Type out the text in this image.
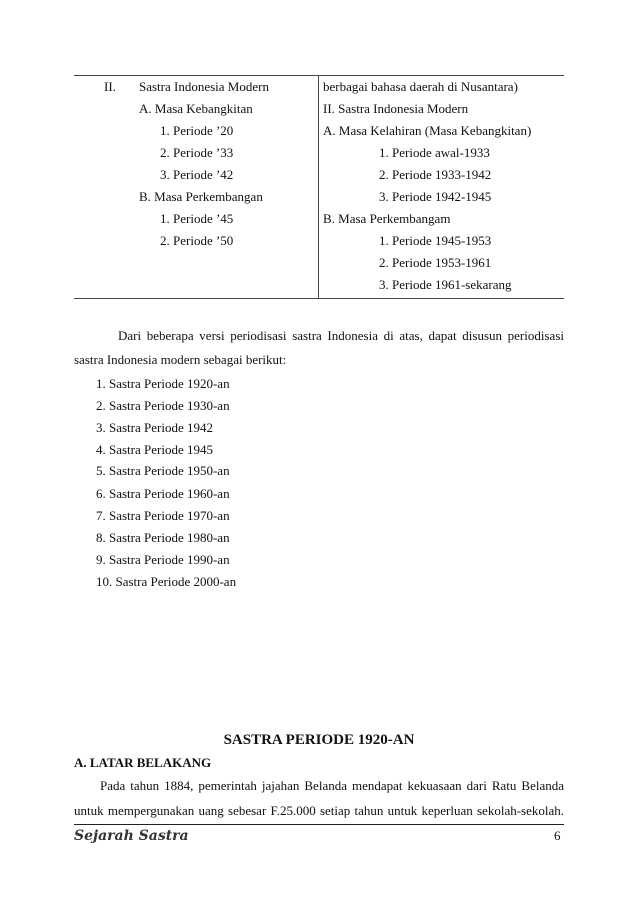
II. Sastra Indonesia Modern
A. Masa Kebangkitan
1. Periode ’20
2. Periode ’33
3. Periode ’42
B. Masa Perkembangan
1. Periode ’45
2. Periode ’50
berbagai bahasa daerah di Nusantara)
II. Sastra Indonesia Modern
A. Masa Kelahiran (Masa Kebangkitan)
1. Periode awal-1933
2. Periode 1933-1942
3. Periode 1942-1945
B. Masa Perkembangam
1. Periode 1945-1953
2. Periode 1953-1961
3. Periode 1961-sekarang
Dari beberapa versi periodisasi sastra Indonesia di atas, dapat disusun periodisasi
sastra Indonesia modern sebagai berikut:
1. Sastra Periode 1920-an
2. Sastra Periode 1930-an
3. Sastra Periode 1942
4. Sastra Periode 1945
5. Sastra Periode 1950-an
6. Sastra Periode 1960-an
7. Sastra Periode 1970-an
8. Sastra Periode 1980-an
9. Sastra Periode 1990-an
10. Sastra Periode 2000-an
SASTRA PERIODE 1920-AN
A. LATAR BELAKANG
Pada tahun 1884, pemerintah jajahan Belanda mendapat kekuasaan dari Ratu Belanda
untuk mempergunakan uang sebesar F.25.000 setiap tahun untuk keperluan sekolah-sekolah.
Sejarah Sastra	6
